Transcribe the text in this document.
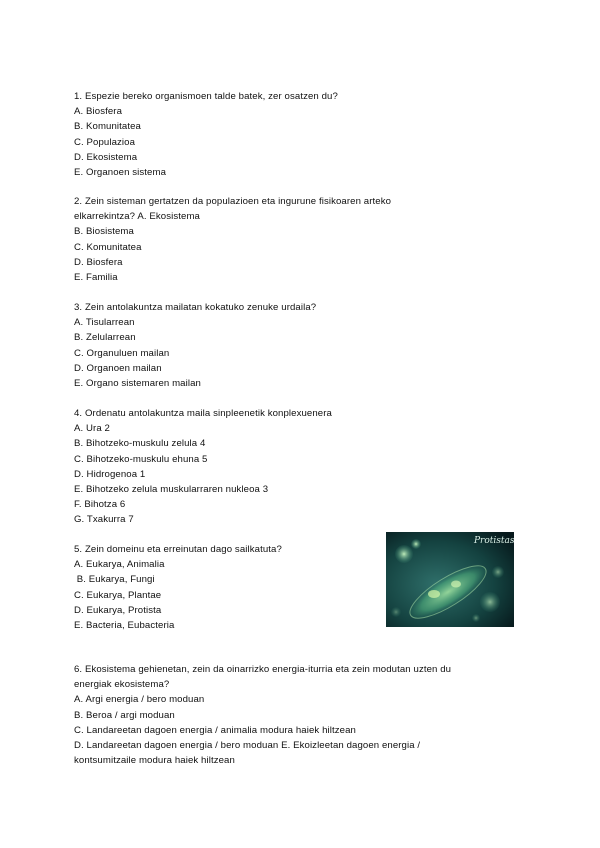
1. Espezie bereko organismoen talde batek, zer osatzen du?
A. Biosfera
B. Komunitatea
C. Populazioa
D. Ekosistema
E. Organoen sistema
2. Zein sisteman gertatzen da populazioen eta ingurune fisikoaren arteko
elkarrekintza? A. Ekosistema
B. Biosistema
C. Komunitatea
D. Biosfera
E. Familia
3. Zein antolakuntza mailatan kokatuko zenuke urdaila?
A. Tisularrean
B. Zelularrean
C. Organuluen mailan
D. Organoen mailan
E. Organo sistemaren mailan
4. Ordenatu antolakuntza maila sinpleenetik konplexuenera
A. Ura 2
B. Bihotzeko-muskulu zelula 4
C. Bihotzeko-muskulu ehuna 5
D. Hidrogenoa 1
E. Bihotzeko zelula muskularraren nukleoa 3
F. Bihotza 6
G. Txakurra 7
5. Zein domeinu eta erreinutan dago sailkatuta?
A. Eukarya, Animalia
B. Eukarya, Fungi
C. Eukarya, Plantae
D. Eukarya, Protista
E. Bacteria, Eubacteria
Protistas
6. Ekosistema gehienetan, zein da oinarrizko energia-iturria eta zein modutan uzten du
energiak ekosistema?
A. Argi energia / bero moduan
B. Beroa / argi moduan
C. Landareetan dagoen energia / animalia modura haiek hiltzean
D. Landareetan dagoen energia / bero moduan E. Ekoizleetan dagoen energia /
kontsumitzaile modura haiek hiltzean
